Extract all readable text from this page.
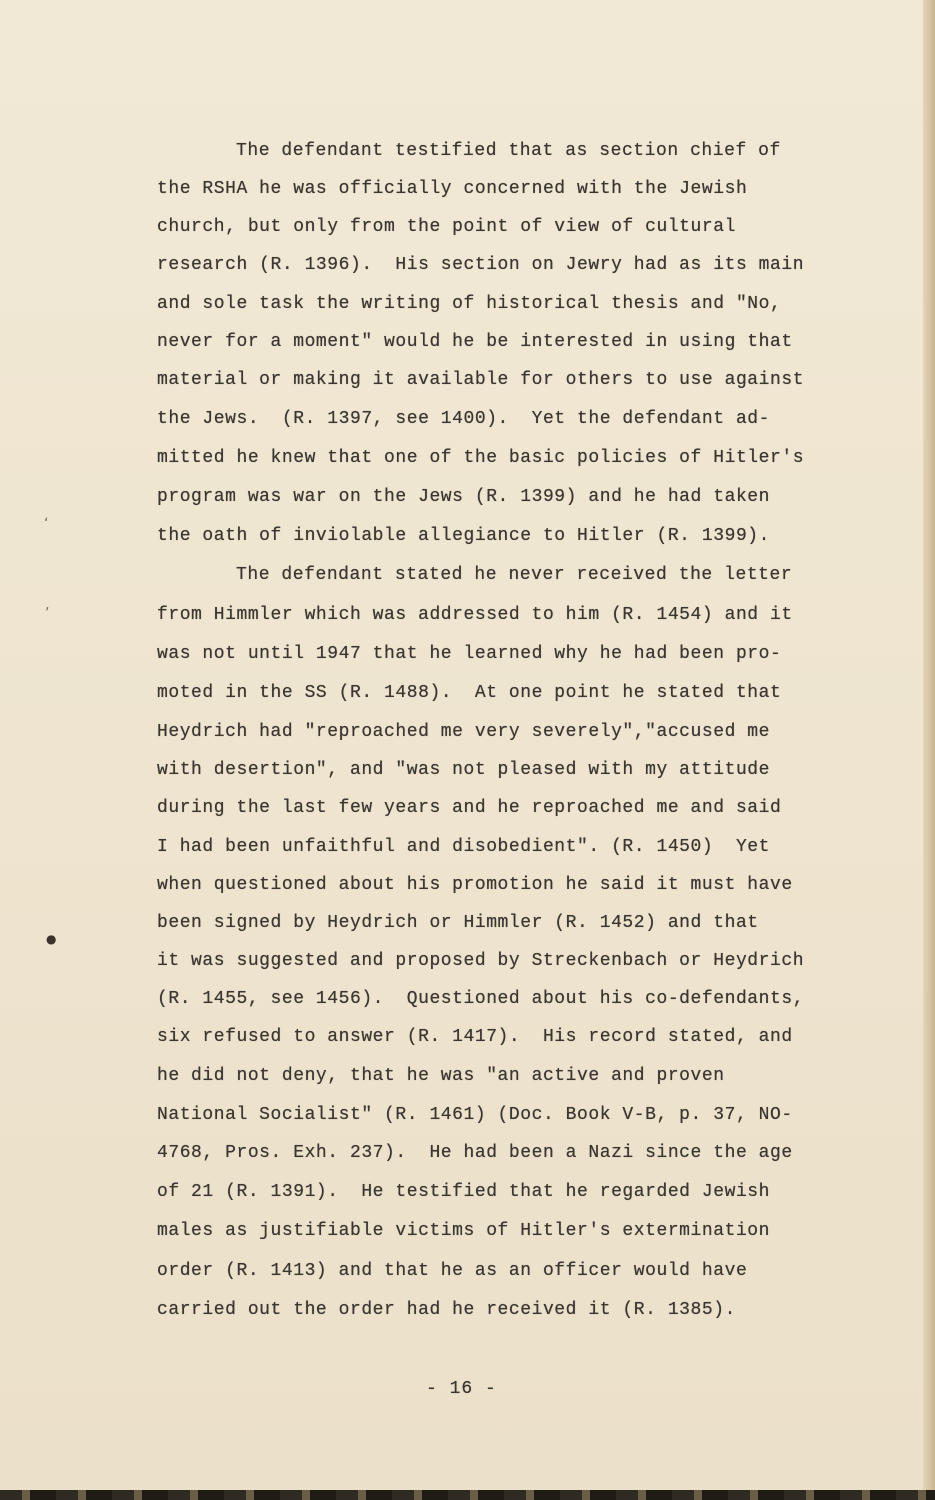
The defendant testified that as section chief of
the RSHA he was officially concerned with the Jewish
church, but only from the point of view of cultural
research (R. 1396).  His section on Jewry had as its main
and sole task the writing of historical thesis and "No,
never for a moment" would he be interested in using that
material or making it available for others to use against
the Jews.  (R. 1397, see 1400).  Yet the defendant ad-
mitted he knew that one of the basic policies of Hitler's
program was war on the Jews (R. 1399) and he had taken
the oath of inviolable allegiance to Hitler (R. 1399).
The defendant stated he never received the letter
from Himmler which was addressed to him (R. 1454) and it
was not until 1947 that he learned why he had been pro-
moted in the SS (R. 1488).  At one point he stated that
Heydrich had "reproached me very severely","accused me
with desertion", and "was not pleased with my attitude
during the last few years and he reproached me and said
I had been unfaithful and disobedient". (R. 1450)  Yet
when questioned about his promotion he said it must have
been signed by Heydrich or Himmler (R. 1452) and that
it was suggested and proposed by Streckenbach or Heydrich
(R. 1455, see 1456).  Questioned about his co-defendants,
six refused to answer (R. 1417).  His record stated, and
he did not deny, that he was "an active and proven
National Socialist" (R. 1461) (Doc. Book V-B, p. 37, NO-
4768, Pros. Exh. 237).  He had been a Nazi since the age
of 21 (R. 1391).  He testified that he regarded Jewish
males as justifiable victims of Hitler's extermination
order (R. 1413) and that he as an officer would have
carried out the order had he received it (R. 1385).
- 16 -
‘
‚
●
